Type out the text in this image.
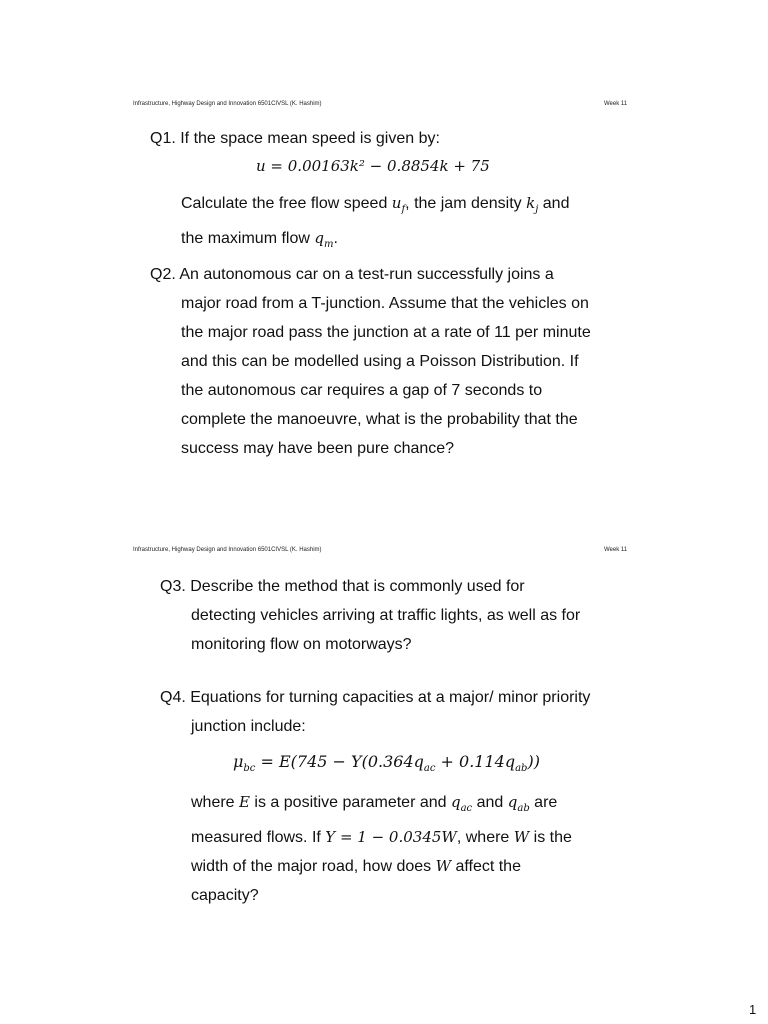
Infrastructure, Highway Design and Innovation 6501CIVSL (K. Hashim)	Week 11
Q1. If the space mean speed is given by:
u = 0.00163k² − 0.8854k + 75
Calculate the free flow speed $u_f$, the jam density $k_j$ and
the maximum flow $q_m$.
Q2. An autonomous car on a test-run successfully joins a
major road from a T-junction. Assume that the vehicles on
the major road pass the junction at a rate of 11 per minute
and this can be modelled using a Poisson Distribution. If
the autonomous car requires a gap of 7 seconds to
complete the manoeuvre, what is the probability that the
success may have been pure chance?
Infrastructure, Highway Design and Innovation 6501CIVSL (K. Hashim)	Week 11
Q3. Describe the method that is commonly used for
detecting vehicles arriving at traffic lights, as well as for
monitoring flow on motorways?
Q4. Equations for turning capacities at a major/ minor priority
junction include:
$\mu_{bc} = E(745 - Y(0.364q_{ac} + 0.114q_{ab}))$
where E is a positive parameter and $q_{ac}$ and $q_{ab}$ are
measured flows. If Y = 1 − 0.0345W, where W is the
width of the major road, how does W affect the
capacity?
1
